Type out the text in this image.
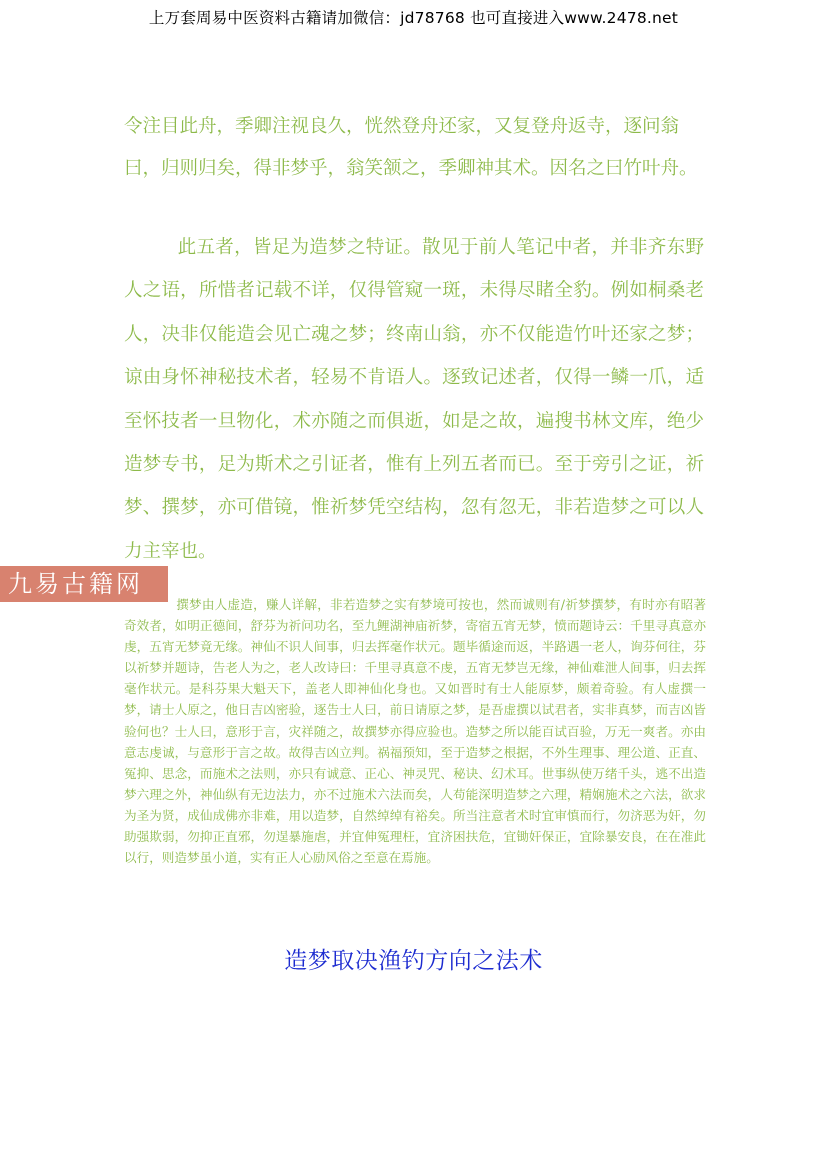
上万套周易中医资料古籍请加微信：jd78768 也可直接进入www.2478.net

令注目此舟，季卿注视良久，恍然登舟还家，又复登舟返寺，逐问翁曰，归则归矣，得非梦乎，翁笑颔之，季卿神其术。因名之曰竹叶舟。

此五者，皆足为造梦之特证。散见于前人笔记中者，并非齐东野人之语，所惜者记载不详，仅得管窥一斑，未得尽睹全豹。例如桐桑老人，决非仅能造会见亡魂之梦；终南山翁，亦不仅能造竹叶还家之梦；谅由身怀神秘技术者，轻易不肯语人。逐致记述者，仅得一鳞一爪，适至怀技者一旦物化，术亦随之而俱逝，如是之故，遍搜书林文库，绝少造梦专书，足为斯术之引证者，惟有上列五者而已。至于旁引之证，祈梦、撰梦，亦可借镜，惟祈梦凭空结构，忽有忽无，非若造梦之可以人力主宰也。

撰梦由人虚造，赚人详解，非若造梦之实有梦境可按也，然而诚则有/祈梦撰梦，有时亦有昭著奇效者，如明正德间，舒芬为祈问功名，至九鲤湖神庙祈梦，寄宿五宵无梦，愤而题诗云：千里寻真意亦虔，五宵无梦竟无缘。神仙不识人间事，归去挥毫作状元。题毕循途而返，半路遇一老人，询芬何往，芬以祈梦并题诗，告老人为之，老人改诗曰：千里寻真意不虔，五宵无梦岂无缘，神仙难泄人间事，归去挥毫作状元。是科芬果大魁天下，盖老人即神仙化身也。又如晋时有士人能原梦，颇着奇验。有人虚撰一梦，请士人原之，他日吉凶密验，逐告士人曰，前日请原之梦，是吾虚撰以试君者，实非真梦，而吉凶皆验何也？士人曰，意形于言，灾祥随之，故撰梦亦得应验也。造梦之所以能百试百验，万无一爽者。亦由意志虔诚，与意形于言之故。故得吉凶立判。祸福预知，至于造梦之根据，不外生理事、理公道、正直、冤抑、思念，而施术之法则，亦只有诚意、正心、神灵咒、秘诀、幻术耳。世事纵使万绪千头，逃不出造梦六理之外，神仙纵有无边法力，亦不过施术六法而矣，人苟能深明造梦之六理，精娴施术之六法，欲求为圣为贤，成仙成佛亦非难，用以造梦，自然绰绰有裕矣。所当注意者术时宜审慎而行，勿济恶为奸，勿助强欺弱，勿抑正直邪，勿逞暴施虐，并宜伸冤理枉，宜济困扶危，宜锄奸保正，宜除暴安良，在在准此以行，则造梦虽小道，实有正人心励风俗之至意在焉施。

九易古籍网
造梦取决渔钓方向之法术
